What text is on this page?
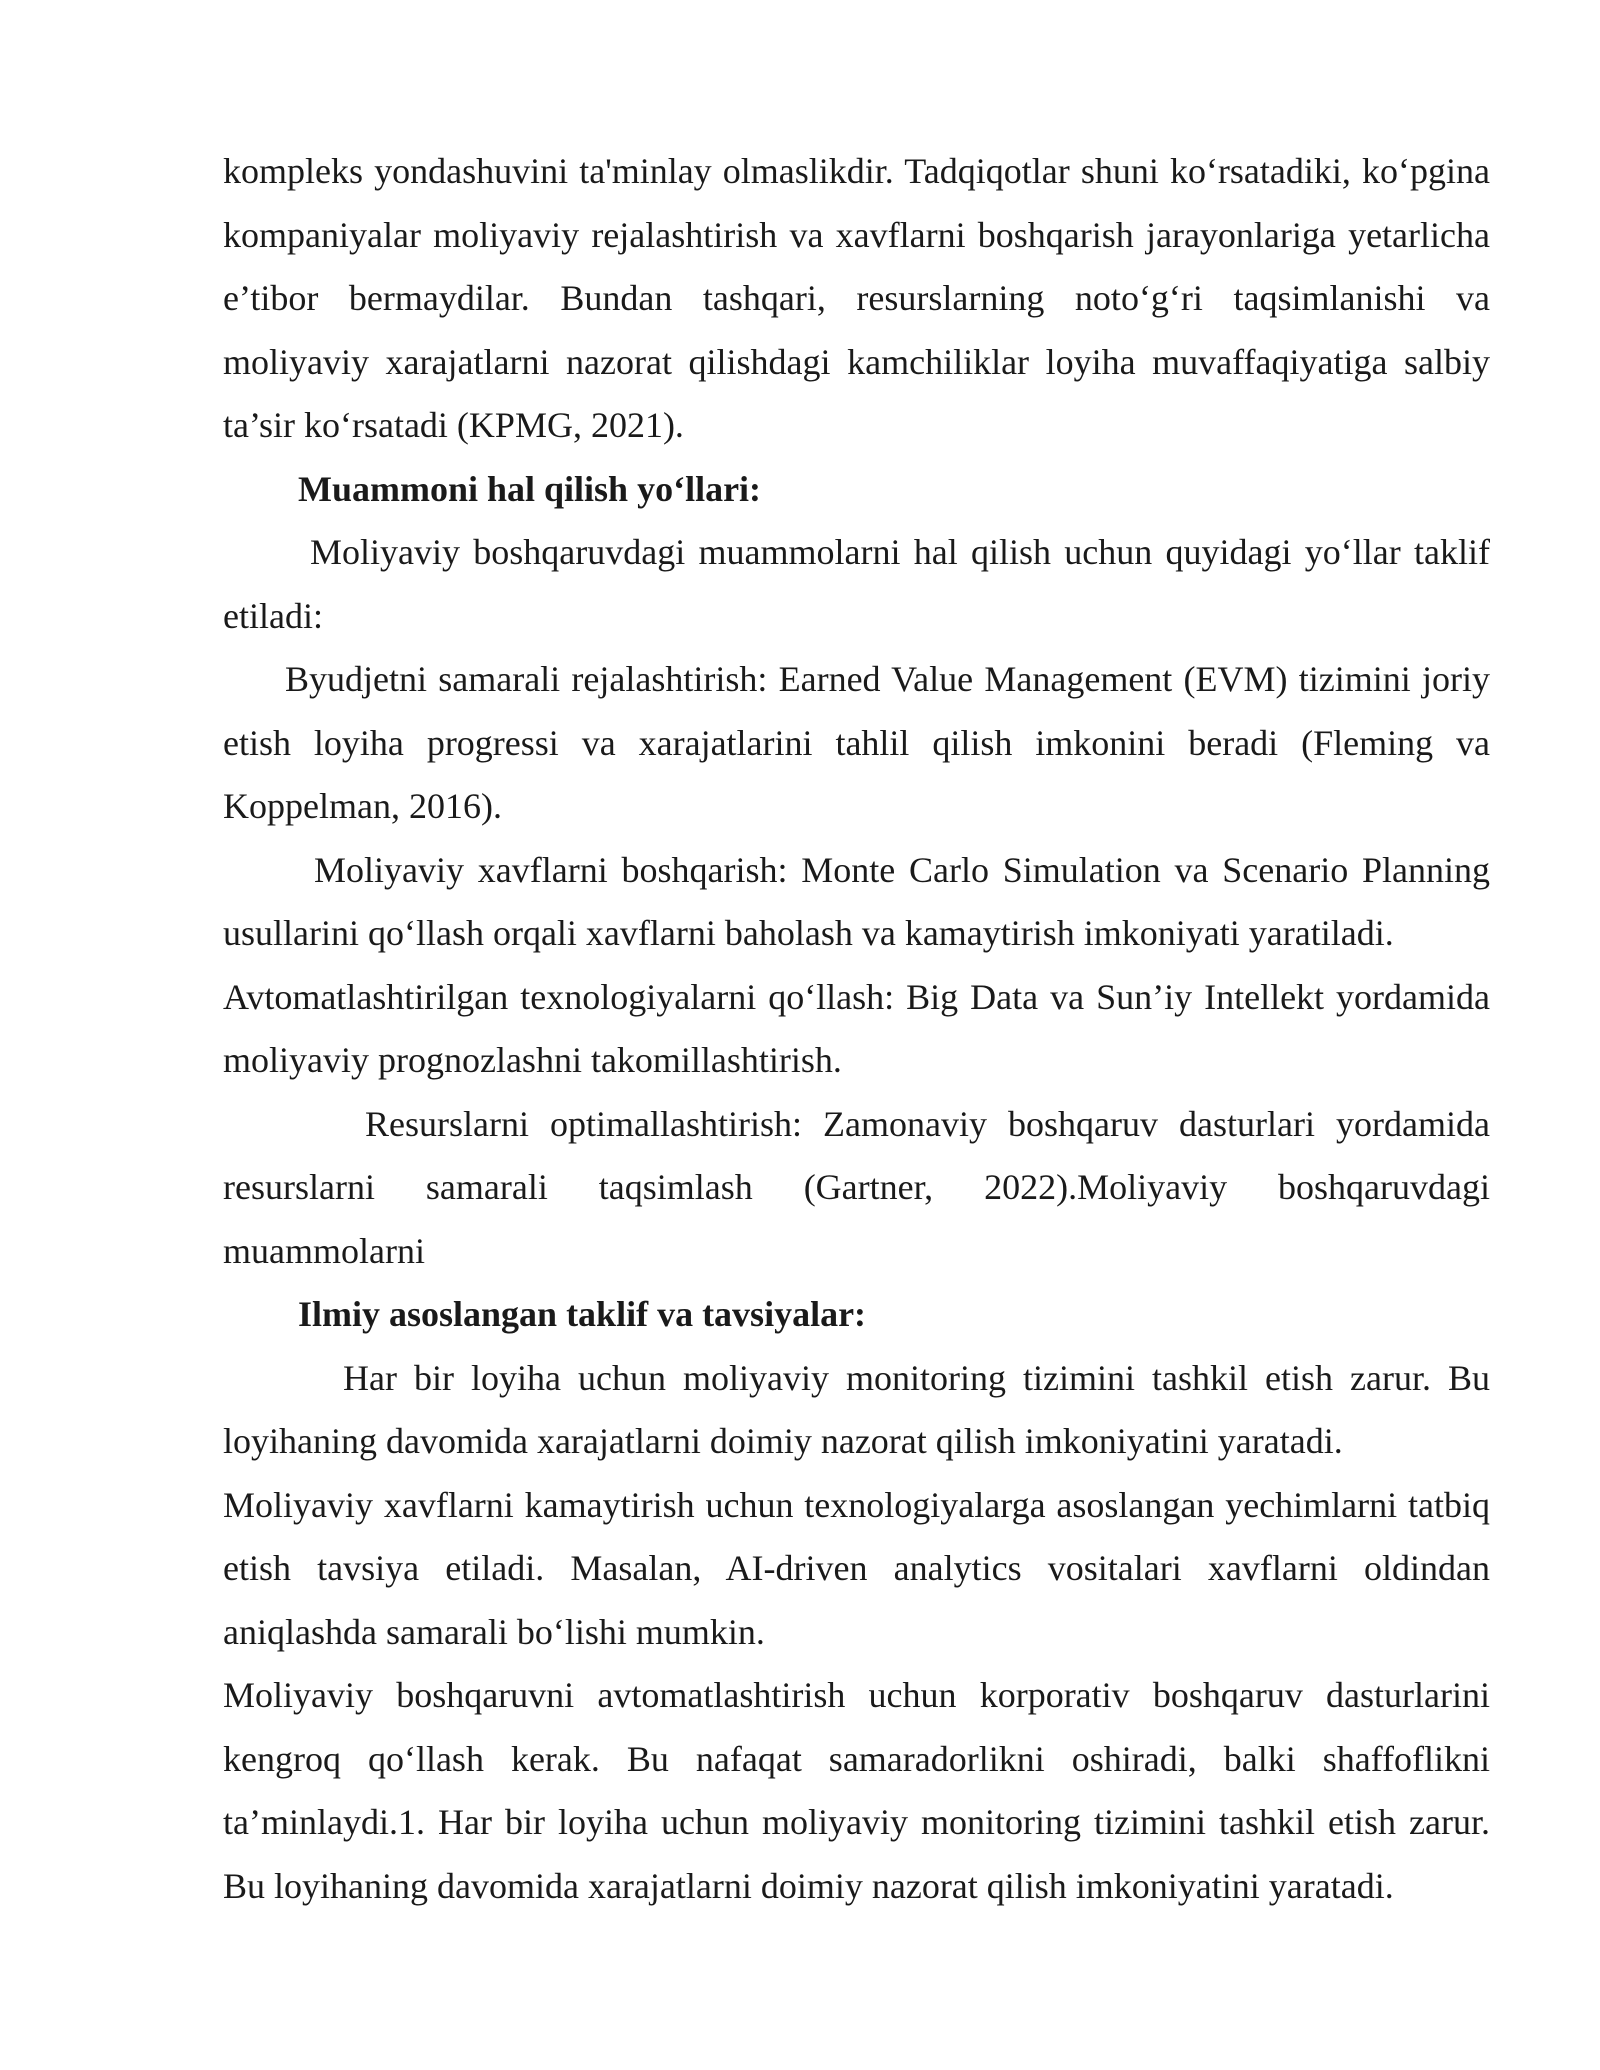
kompleks yondashuvini ta'minlay olmaslikdir. Tadqiqotlar shuni ko‘rsatadiki, ko‘pgina kompaniyalar moliyaviy rejalashtirish va xavflarni boshqarish jarayonlariga yetarlicha e’tibor bermaydilar. Bundan tashqari, resurslarning noto‘g‘ri taqsimlanishi va moliyaviy xarajatlarni nazorat qilishdagi kamchiliklar loyiha muvaffaqiyatiga salbiy ta’sir ko‘rsatadi (KPMG, 2021).

Muammoni hal qilish yo‘llari:

Moliyaviy boshqaruvdagi muammolarni hal qilish uchun quyidagi yo‘llar taklif etiladi:

Byudjetni samarali rejalashtirish: Earned Value Management (EVM) tizimini joriy etish loyiha progressi va xarajatlarini tahlil qilish imkonini beradi (Fleming va Koppelman, 2016).

Moliyaviy xavflarni boshqarish: Monte Carlo Simulation va Scenario Planning usullarini qo‘llash orqali xavflarni baholash va kamaytirish imkoniyati yaratiladi.

Avtomatlashtirilgan texnologiyalarni qo‘llash: Big Data va Sun’iy Intellekt yordamida moliyaviy prognozlashni takomillashtirish.

Resurslarni optimallashtirish: Zamonaviy boshqaruv dasturlari yordamida resurslarni samarali taqsimlash (Gartner, 2022).Moliyaviy boshqaruvdagi muammolarni

Ilmiy asoslangan taklif va tavsiyalar:

Har bir loyiha uchun moliyaviy monitoring tizimini tashkil etish zarur. Bu loyihaning davomida xarajatlarni doimiy nazorat qilish imkoniyatini yaratadi.

Moliyaviy xavflarni kamaytirish uchun texnologiyalarga asoslangan yechimlarni tatbiq etish tavsiya etiladi. Masalan, AI-driven analytics vositalari xavflarni oldindan aniqlashda samarali bo‘lishi mumkin.

Moliyaviy boshqaruvni avtomatlashtirish uchun korporativ boshqaruv dasturlarini kengroq qo‘llash kerak. Bu nafaqat samaradorlikni oshiradi, balki shaffoflikni ta’minlaydi.1. Har bir loyiha uchun moliyaviy monitoring tizimini tashkil etish zarur. Bu loyihaning davomida xarajatlarni doimiy nazorat qilish imkoniyatini yaratadi.
